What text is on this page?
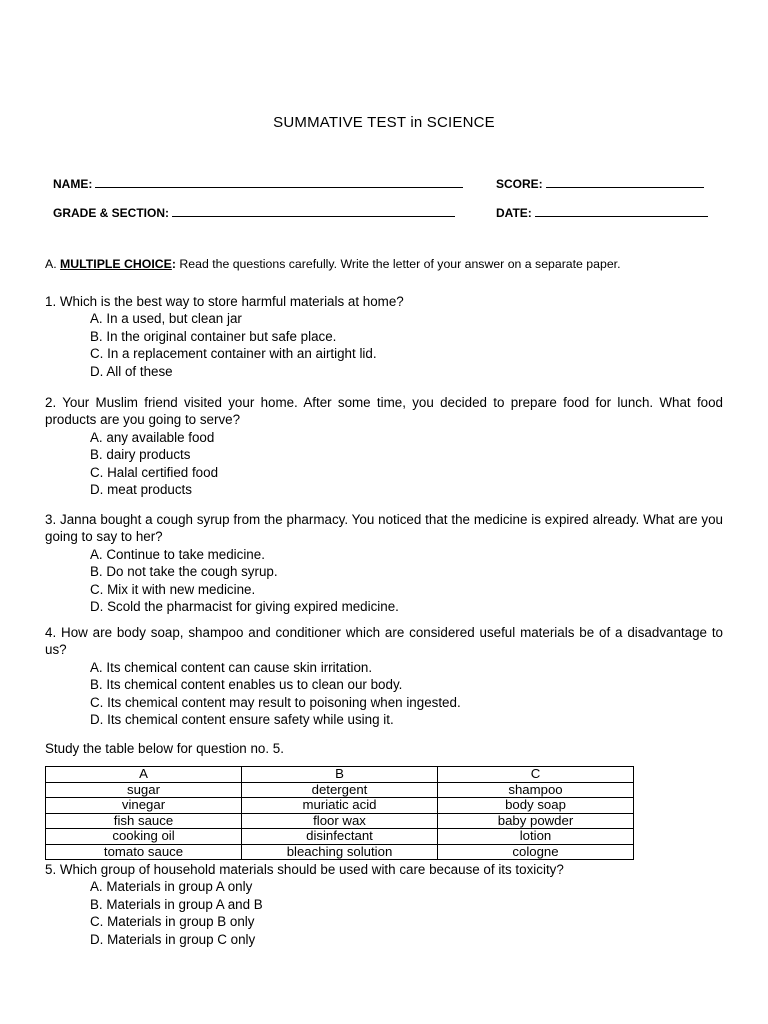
SUMMATIVE TEST in SCIENCE
NAME:	SCORE:
GRADE & SECTION:	DATE:
A. MULTIPLE CHOICE: Read the questions carefully. Write the letter of your answer on a separate paper.
1. Which is the best way to store harmful materials at home?
A. In a used, but clean jar
B. In the original container but safe place.
C. In a replacement container with an airtight lid.
D. All of these
2. Your Muslim friend visited your home. After some time, you decided to prepare food for lunch. What food products are you going to serve?
A. any available food
B. dairy products
C. Halal certified food
D. meat products
3. Janna bought a cough syrup from the pharmacy. You noticed that the medicine is expired already. What are you going to say to her?
A. Continue to take medicine.
B. Do not take the cough syrup.
C. Mix it with new medicine.
D. Scold the pharmacist for giving expired medicine.
4. How are body soap, shampoo and conditioner which are considered useful materials be of a disadvantage to us?
A. Its chemical content can cause skin irritation.
B. Its chemical content enables us to clean our body.
C. Its chemical content may result to poisoning when ingested.
D. Its chemical content ensure safety while using it.
Study the table below for question no. 5.
A	B	C
sugar	detergent	shampoo
vinegar	muriatic acid	body soap
fish sauce	floor wax	baby powder
cooking oil	disinfectant	lotion
tomato sauce	bleaching solution	cologne
5. Which group of household materials should be used with care because of its toxicity?
A. Materials in group A only
B. Materials in group A and B
C. Materials in group B only
D. Materials in group C only
